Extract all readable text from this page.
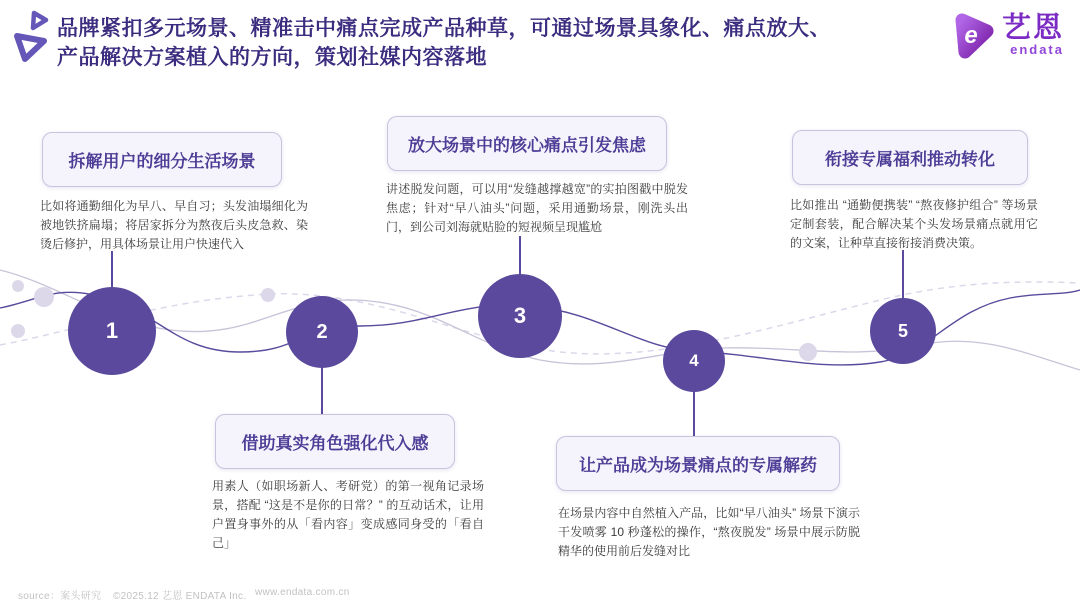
品牌紧扣多元场景、精准击中痛点完成产品种草，可通过场景具象化、痛点放大、
产品解决方案植入的方向，策划社媒内容落地
e 艺恩
endata
拆解用户的细分生活场景
借助真实角色强化代入感
放大场景中的核心痛点引发焦虑
让产品成为场景痛点的专属解药
衔接专属福利推动转化
比如将通勤细化为早八、早自习；头发油塌细化为被地铁挤扁塌；将居家拆分为熬夜后头皮急救、染烫后修护，用具体场景让用户快速代入
用素人（如职场新人、考研党）的第一视角记录场景，搭配 “这是不是你的日常？” 的互动话术，让用户置身事外的从「看内容」变成感同身受的「看自己」
讲述脱发问题，可以用“发缝越撑越宽”的实拍图戳中脱发焦虑；针对“早八油头”问题，采用通勤场景，刚洗头出门，到公司刘海就贴脸的短视频呈现尴尬
在场景内容中自然植入产品，比如“早八油头” 场景下演示干发喷雾 10 秒蓬松的操作，“熬夜脱发” 场景中展示防脱精华的使用前后发缝对比
比如推出 “通勤便携装” “熬夜修护组合” 等场景定制套装，配合解决某个头发场景痛点就用它的文案，让种草直接衔接消费决策。
1	2
3
4
5
source：案头研究 ©2025.12 艺恩 ENDATA Inc. www.endata.com.cn
